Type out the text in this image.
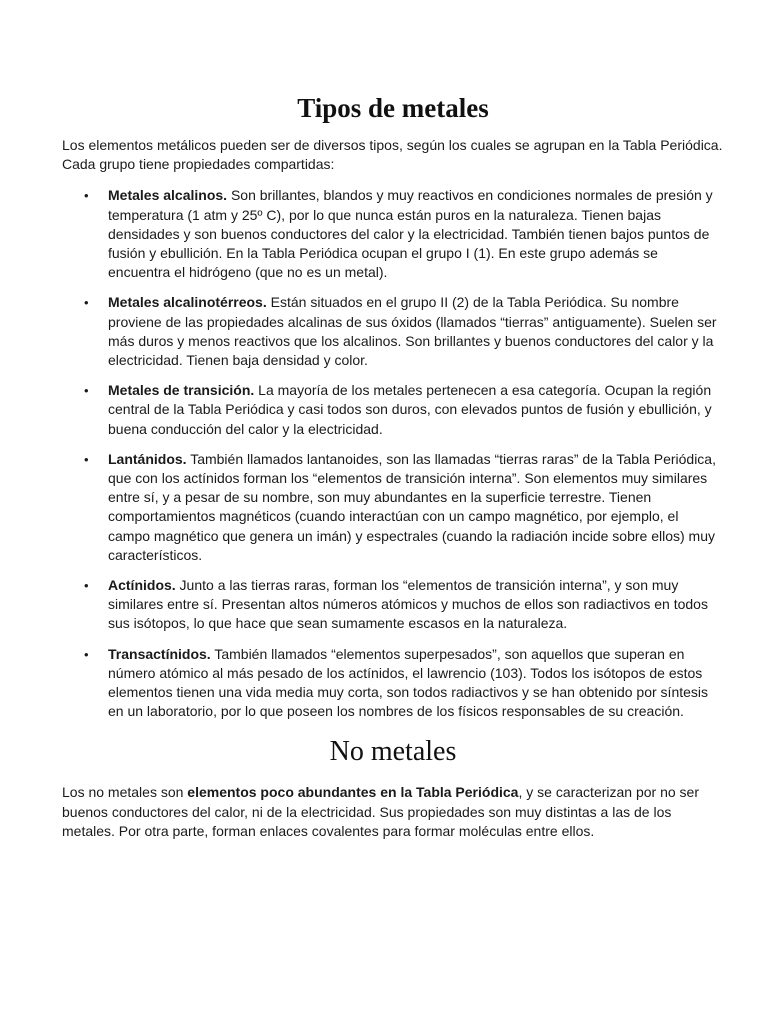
Tipos de metales

Los elementos metálicos pueden ser de diversos tipos, según los cuales se agrupan en la Tabla Periódica. Cada grupo tiene propiedades compartidas:

• Metales alcalinos. Son brillantes, blandos y muy reactivos en condiciones normales de presión y temperatura (1 atm y 25º C), por lo que nunca están puros en la naturaleza. Tienen bajas densidades y son buenos conductores del calor y la electricidad. También tienen bajos puntos de fusión y ebullición. En la Tabla Periódica ocupan el grupo I (1). En este grupo además se encuentra el hidrógeno (que no es un metal).
• Metales alcalinotérreos. Están situados en el grupo II (2) de la Tabla Periódica. Su nombre proviene de las propiedades alcalinas de sus óxidos (llamados “tierras” antiguamente). Suelen ser más duros y menos reactivos que los alcalinos. Son brillantes y buenos conductores del calor y la electricidad. Tienen baja densidad y color.
• Metales de transición. La mayoría de los metales pertenecen a esa categoría. Ocupan la región central de la Tabla Periódica y casi todos son duros, con elevados puntos de fusión y ebullición, y buena conducción del calor y la electricidad.
• Lantánidos. También llamados lantanoides, son las llamadas “tierras raras” de la Tabla Periódica, que con los actínidos forman los “elementos de transición interna”. Son elementos muy similares entre sí, y a pesar de su nombre, son muy abundantes en la superficie terrestre. Tienen comportamientos magnéticos (cuando interactúan con un campo magnético, por ejemplo, el campo magnético que genera un imán) y espectrales (cuando la radiación incide sobre ellos) muy característicos.
• Actínidos. Junto a las tierras raras, forman los “elementos de transición interna”, y son muy similares entre sí. Presentan altos números atómicos y muchos de ellos son radiactivos en todos sus isótopos, lo que hace que sean sumamente escasos en la naturaleza.
• Transactínidos. También llamados “elementos superpesados”, son aquellos que superan en número atómico al más pesado de los actínidos, el lawrencio (103). Todos los isótopos de estos elementos tienen una vida media muy corta, son todos radiactivos y se han obtenido por síntesis en un laboratorio, por lo que poseen los nombres de los físicos responsables de su creación.
No metales

Los no metales son elementos poco abundantes en la Tabla Periódica, y se caracterizan por no ser buenos conductores del calor, ni de la electricidad. Sus propiedades son muy distintas a las de los metales. Por otra parte, forman enlaces covalentes para formar moléculas entre ellos.
